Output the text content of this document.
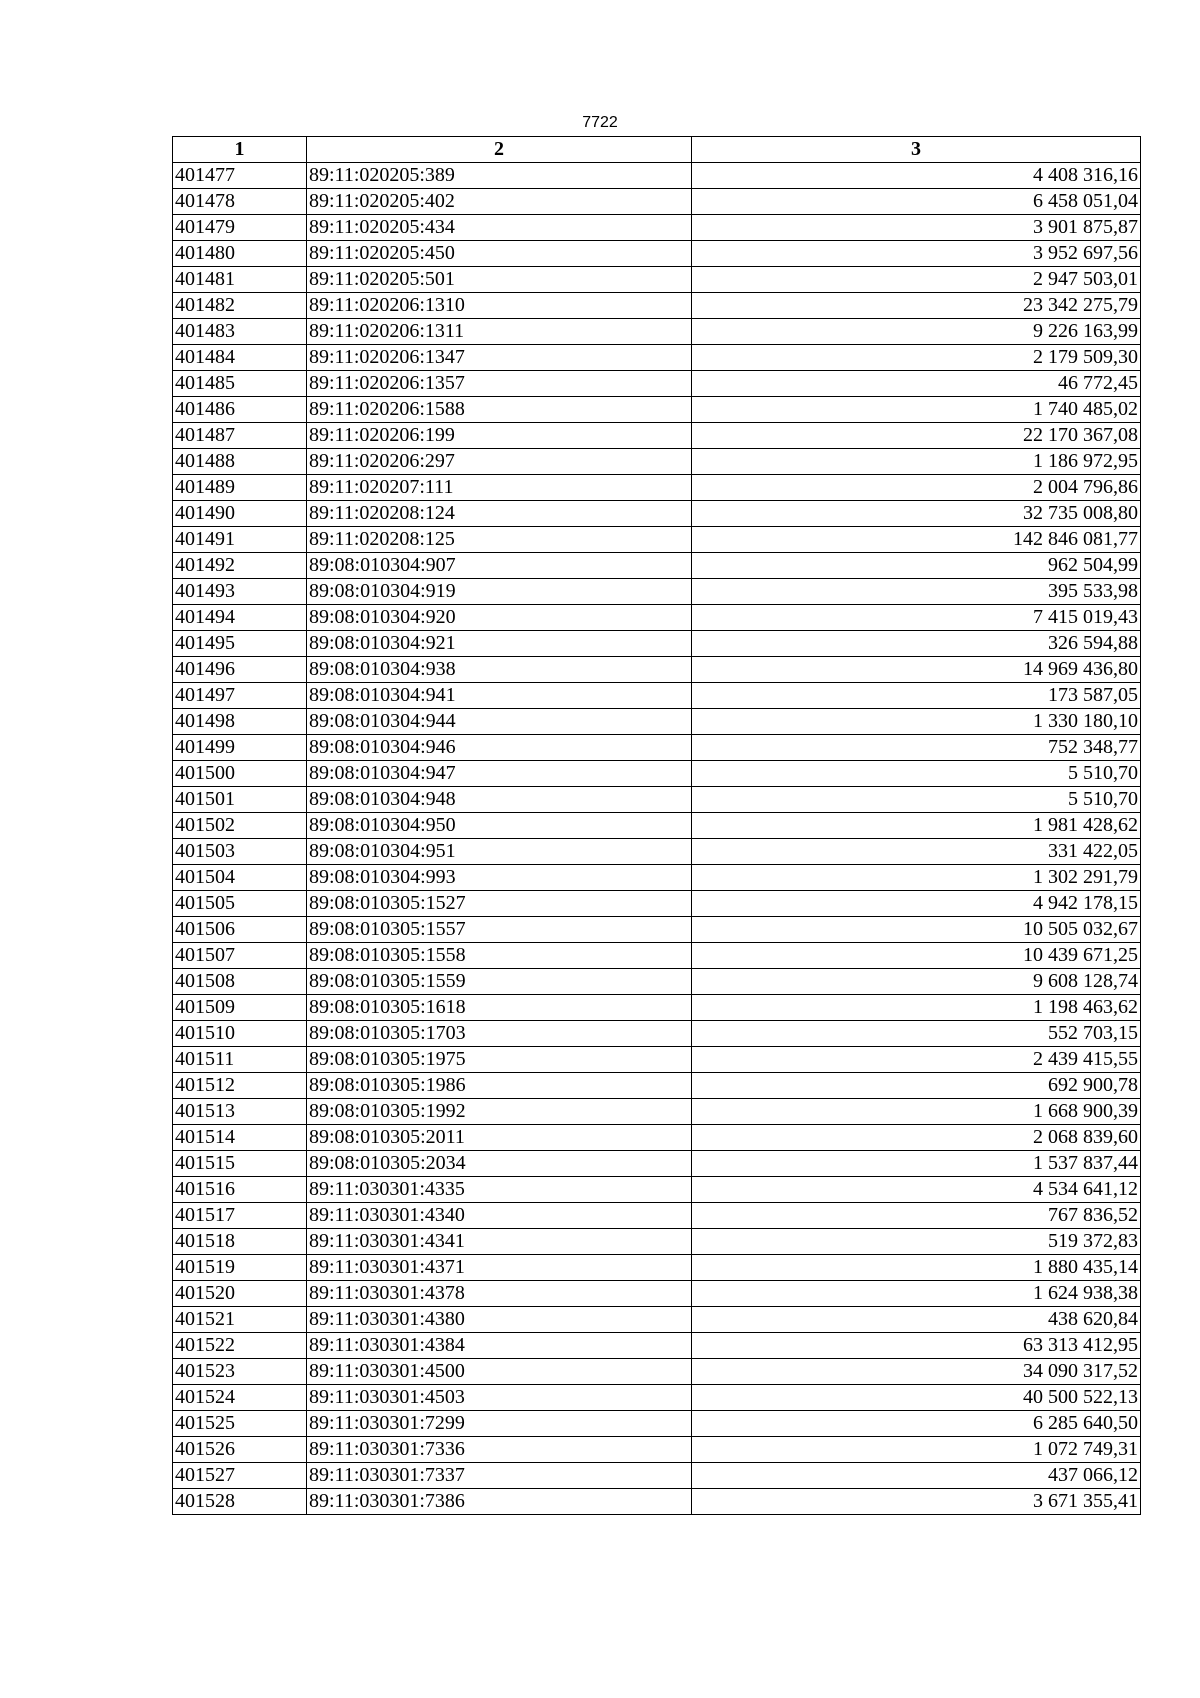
7722
1	2	3
401477	89:11:020205:389	4 408 316,16
401478	89:11:020205:402	6 458 051,04
401479	89:11:020205:434	3 901 875,87
401480	89:11:020205:450	3 952 697,56
401481	89:11:020205:501	2 947 503,01
401482	89:11:020206:1310	23 342 275,79
401483	89:11:020206:1311	9 226 163,99
401484	89:11:020206:1347	2 179 509,30
401485	89:11:020206:1357	46 772,45
401486	89:11:020206:1588	1 740 485,02
401487	89:11:020206:199	22 170 367,08
401488	89:11:020206:297	1 186 972,95
401489	89:11:020207:111	2 004 796,86
401490	89:11:020208:124	32 735 008,80
401491	89:11:020208:125	142 846 081,77
401492	89:08:010304:907	962 504,99
401493	89:08:010304:919	395 533,98
401494	89:08:010304:920	7 415 019,43
401495	89:08:010304:921	326 594,88
401496	89:08:010304:938	14 969 436,80
401497	89:08:010304:941	173 587,05
401498	89:08:010304:944	1 330 180,10
401499	89:08:010304:946	752 348,77
401500	89:08:010304:947	5 510,70
401501	89:08:010304:948	5 510,70
401502	89:08:010304:950	1 981 428,62
401503	89:08:010304:951	331 422,05
401504	89:08:010304:993	1 302 291,79
401505	89:08:010305:1527	4 942 178,15
401506	89:08:010305:1557	10 505 032,67
401507	89:08:010305:1558	10 439 671,25
401508	89:08:010305:1559	9 608 128,74
401509	89:08:010305:1618	1 198 463,62
401510	89:08:010305:1703	552 703,15
401511	89:08:010305:1975	2 439 415,55
401512	89:08:010305:1986	692 900,78
401513	89:08:010305:1992	1 668 900,39
401514	89:08:010305:2011	2 068 839,60
401515	89:08:010305:2034	1 537 837,44
401516	89:11:030301:4335	4 534 641,12
401517	89:11:030301:4340	767 836,52
401518	89:11:030301:4341	519 372,83
401519	89:11:030301:4371	1 880 435,14
401520	89:11:030301:4378	1 624 938,38
401521	89:11:030301:4380	438 620,84
401522	89:11:030301:4384	63 313 412,95
401523	89:11:030301:4500	34 090 317,52
401524	89:11:030301:4503	40 500 522,13
401525	89:11:030301:7299	6 285 640,50
401526	89:11:030301:7336	1 072 749,31
401527	89:11:030301:7337	437 066,12
401528	89:11:030301:7386	3 671 355,41
